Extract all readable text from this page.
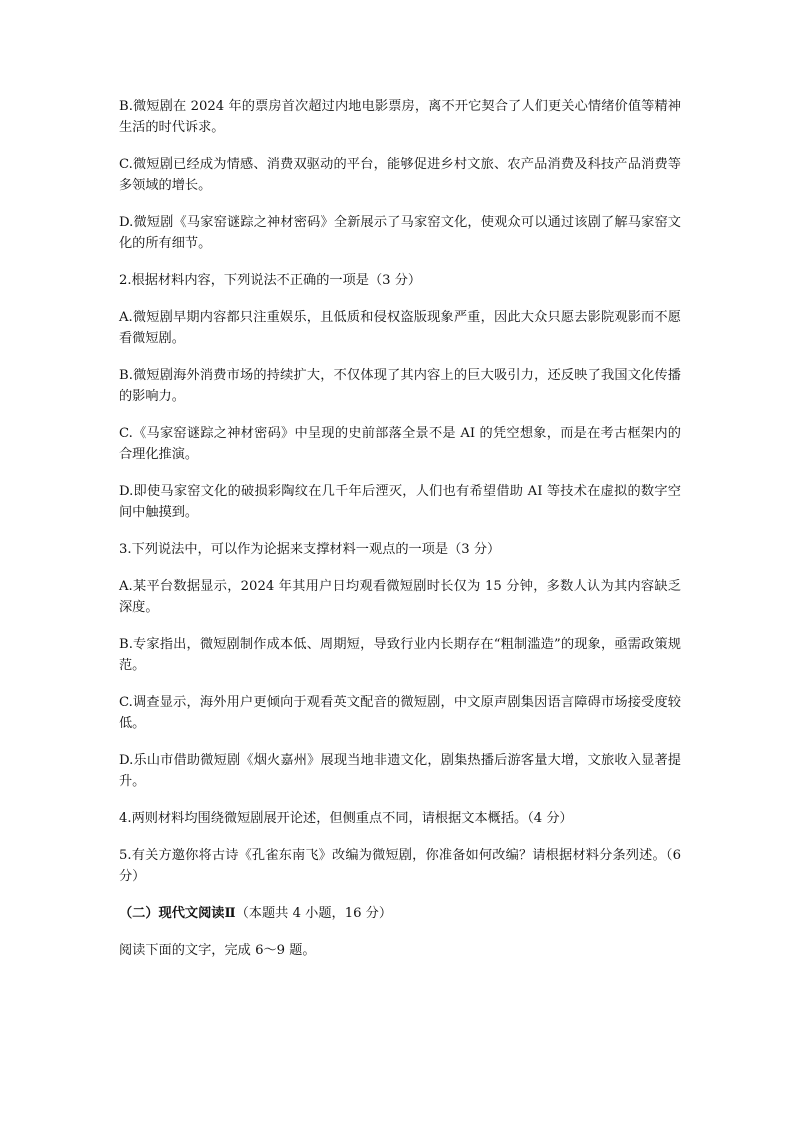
B.微短剧在 2024 年的票房首次超过内地电影票房，离不开它契合了人们更关心情绪价值等精神生活的时代诉求。

C.微短剧已经成为情感、消费双驱动的平台，能够促进乡村文旅、农产品消费及科技产品消费等多领域的增长。

D.微短剧《马家窑谜踪之神材密码》全新展示了马家窑文化，使观众可以通过该剧了解马家窑文化的所有细节。

2.根据材料内容，下列说法不正确的一项是（3 分）

A.微短剧早期内容都只注重娱乐，且低质和侵权盗版现象严重，因此大众只愿去影院观影而不愿看微短剧。

B.微短剧海外消费市场的持续扩大，不仅体现了其内容上的巨大吸引力，还反映了我国文化传播的影响力。

C.《马家窑谜踪之神材密码》中呈现的史前部落全景不是 AI 的凭空想象，而是在考古框架内的合理化推演。

D.即使马家窑文化的破损彩陶纹在几千年后湮灭，人们也有希望借助 AI 等技术在虚拟的数字空间中触摸到。

3.下列说法中，可以作为论据来支撑材料一观点的一项是（3 分）

A.某平台数据显示，2024 年其用户日均观看微短剧时长仅为 15 分钟，多数人认为其内容缺乏深度。

B.专家指出，微短剧制作成本低、周期短，导致行业内长期存在“粗制滥造”的现象，亟需政策规范。

C.调查显示，海外用户更倾向于观看英文配音的微短剧，中文原声剧集因语言障碍市场接受度较低。

D.乐山市借助微短剧《烟火嘉州》展现当地非遗文化，剧集热播后游客量大增，文旅收入显著提升。

4.两则材料均围绕微短剧展开论述，但侧重点不同，请根据文本概括。（4 分）

5.有关方邀你将古诗《孔雀东南飞》改编为微短剧，你准备如何改编？请根据材料分条列述。（6 分）

（二）现代文阅读Ⅱ（本题共 4 小题，16 分）

阅读下面的文字，完成 6～9 题。
